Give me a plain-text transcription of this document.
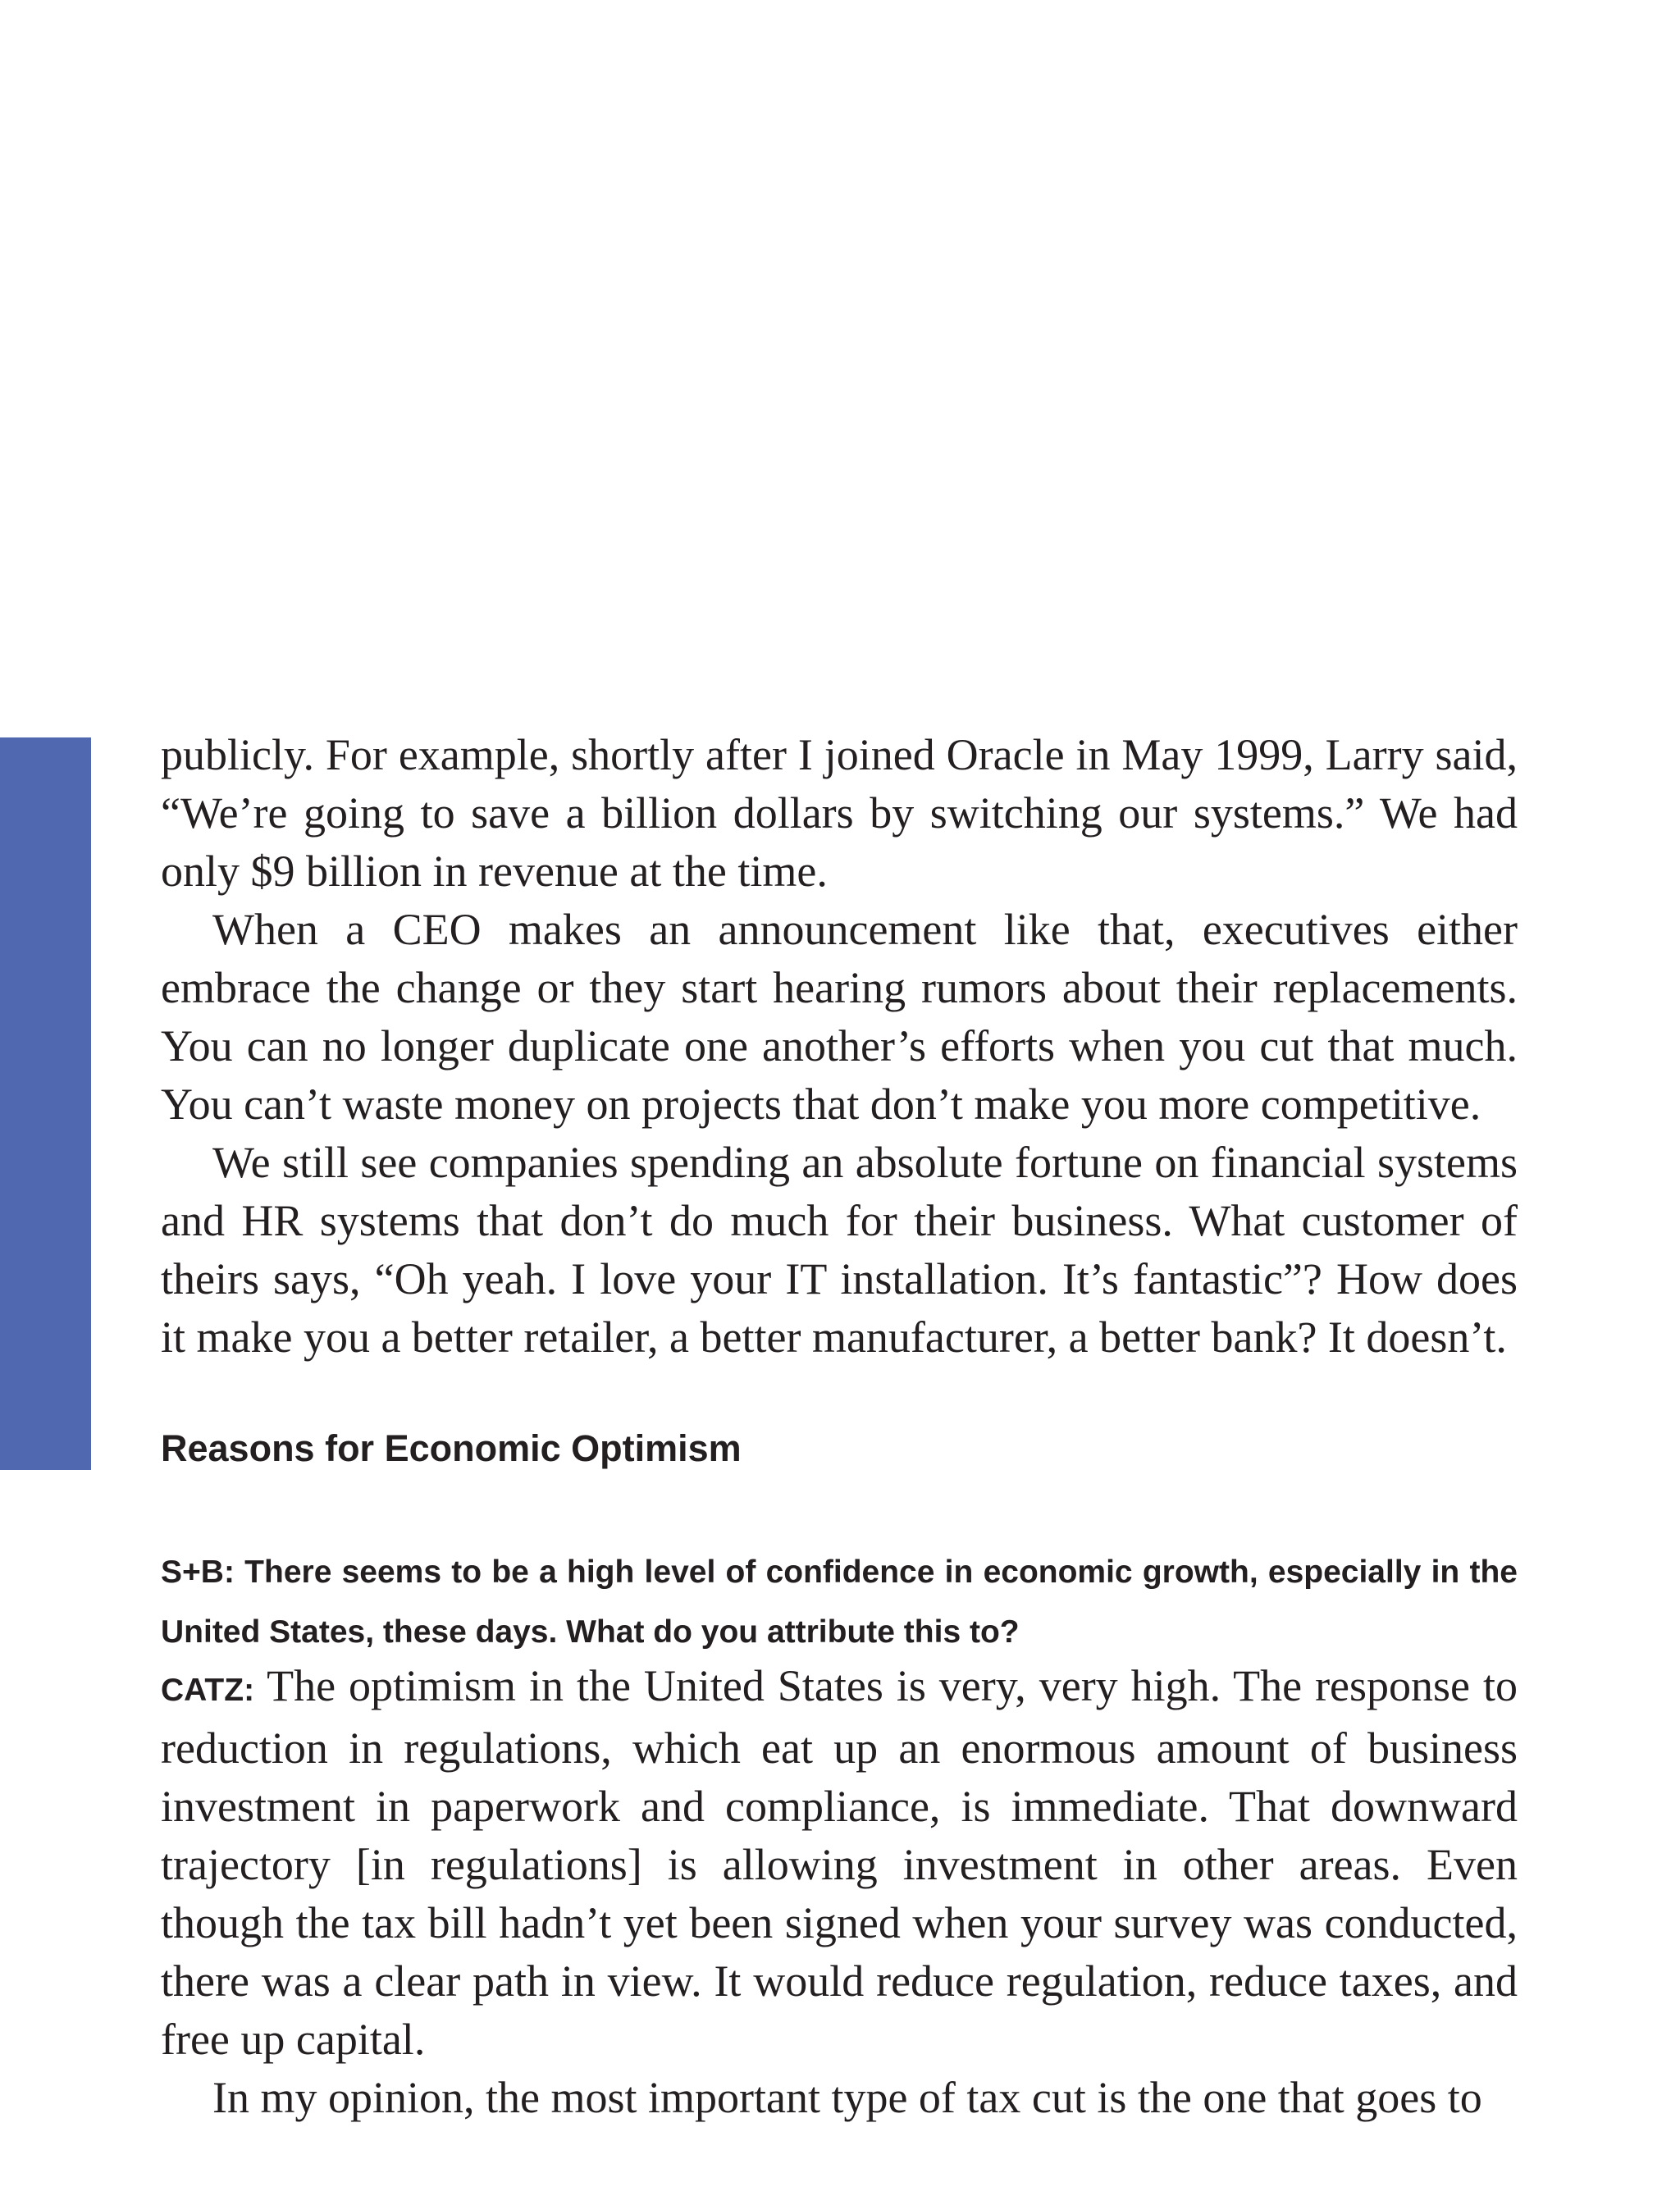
www.strategy-business.com
8

publicly. For example, shortly after I joined Oracle in May 1999, Larry said, “We’re going to save a billion dollars by switching our systems.” We had only $9 billion in revenue at the time.

When a CEO makes an announcement like that, executives either embrace the change or they start hearing rumors about their replacements. You can no longer duplicate one another’s efforts when you cut that much. You can’t waste money on projects that don’t make you more competitive.

We still see companies spending an absolute fortune on financial systems and HR systems that don’t do much for their business. What customer of theirs says, “Oh yeah. I love your IT installation. It’s fantastic”? How does it make you a better retailer, a better manufacturer, a better bank? It doesn’t.

Reasons for Economic Optimism

S+B: There seems to be a high level of confidence in economic growth, especially in the United States, these days. What do you attribute this to?

CATZ: The optimism in the United States is very, very high. The response to reduction in regulations, which eat up an enormous amount of business investment in paperwork and compliance, is immediate. That downward trajectory [in regulations] is allowing investment in other areas. Even though the tax bill hadn’t yet been signed when your survey was conducted, there was a clear path in view. It would reduce regulation, reduce taxes, and free up capital.

In my opinion, the most important type of tax cut is the one that goes to
